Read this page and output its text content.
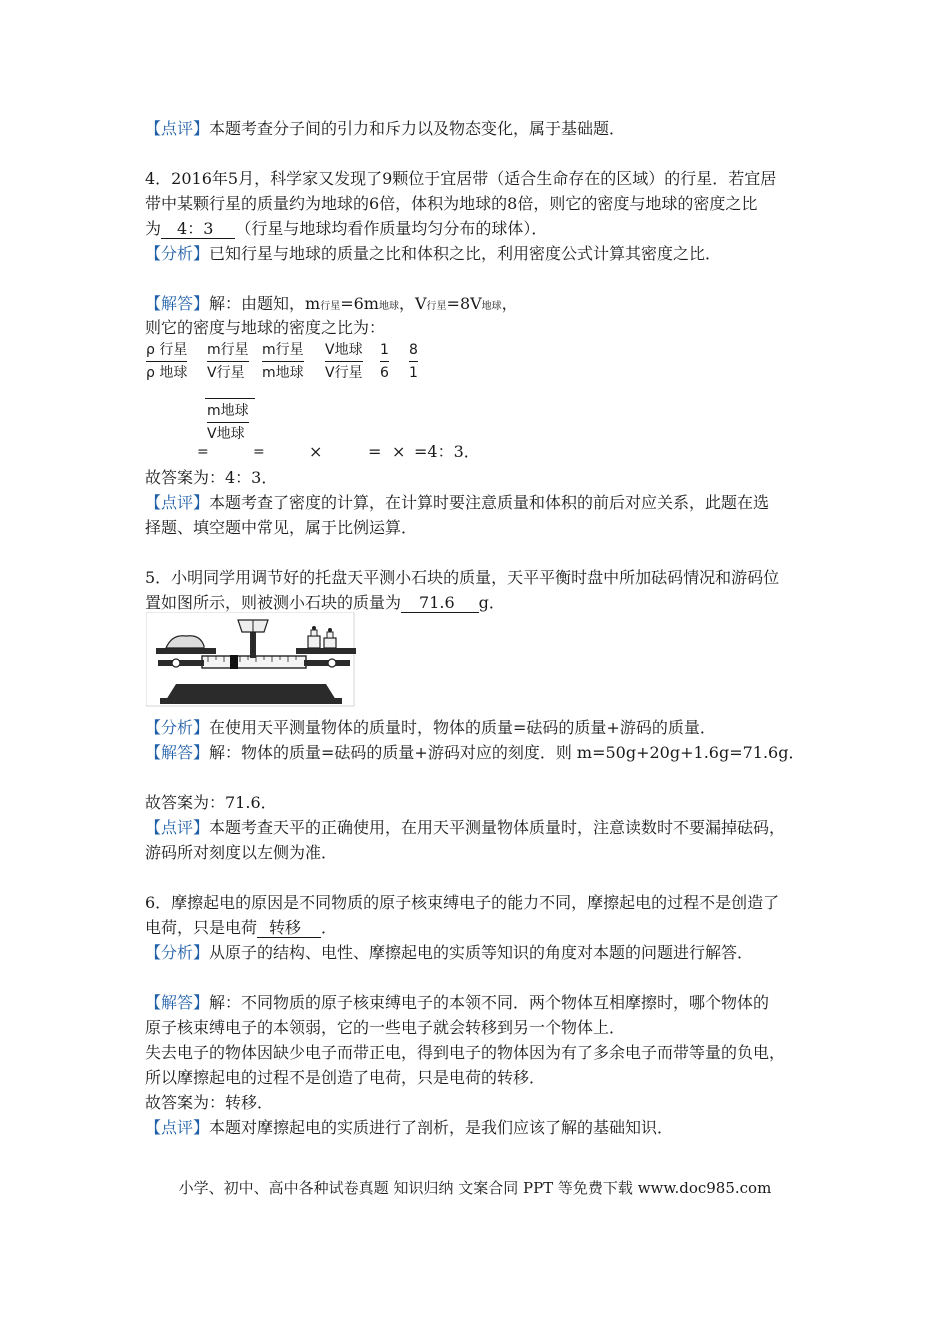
【点评】本题考查分子间的引力和斥力以及物态变化，属于基础题．
4．2016年5月，科学家又发现了9颗位于宜居带（适合生命存在的区域）的行星．若宜居
带中某颗行星的质量约为地球的6倍，体积为地球的8倍，则它的密度与地球的密度之比
为 4：3 （行星与地球均看作质量均匀分布的球体）．
【分析】已知行星与地球的质量之比和体积之比，利用密度公式计算其密度之比．
【解答】解：由题知，m行星=6m地球，V行星=8V地球，
则它的密度与地球的密度之比为：
ρ 行星
ρ 地球
m行星
V行星
m地球
V地球
m行星
m地球
V地球
V行星 $\frac{1}{6} \frac{8}{1}$
=	=	×	= × =4：3．
故答案为：4：3．
【点评】本题考查了密度的计算，在计算时要注意质量和体积的前后对应关系，此题在选
择题、填空题中常见，属于比例运算．
5．小明同学用调节好的托盘天平测小石块的质量，天平平衡时盘中所加砝码情况和游码位
置如图所示，则被测小石块的质量为 71.6 g．
【分析】在使用天平测量物体的质量时，物体的质量=砝码的质量+游码的质量．
【解答】解：物体的质量=砝码的质量+游码对应的刻度．则 m=50g+20g+1.6g=71.6g．
故答案为：71.6．
【点评】本题考查天平的正确使用，在用天平测量物体质量时，注意读数时不要漏掉砝码，
游码所对刻度以左侧为准．
6．摩擦起电的原因是不同物质的原子核束缚电子的能力不同，摩擦起电的过程不是创造了
电荷，只是电荷 转移 ．
【分析】从原子的结构、电性、摩擦起电的实质等知识的角度对本题的问题进行解答．
【解答】解：不同物质的原子核束缚电子的本领不同．两个物体互相摩擦时，哪个物体的
原子核束缚电子的本领弱，它的一些电子就会转移到另一个物体上．
失去电子的物体因缺少电子而带正电，得到电子的物体因为有了多余电子而带等量的负电，
所以摩擦起电的过程不是创造了电荷，只是电荷的转移．
故答案为：转移．
【点评】本题对摩擦起电的实质进行了剖析，是我们应该了解的基础知识．
小学、初中、高中各种试卷真题 知识归纳 文案合同 PPT 等免费下载 www.doc985.com
